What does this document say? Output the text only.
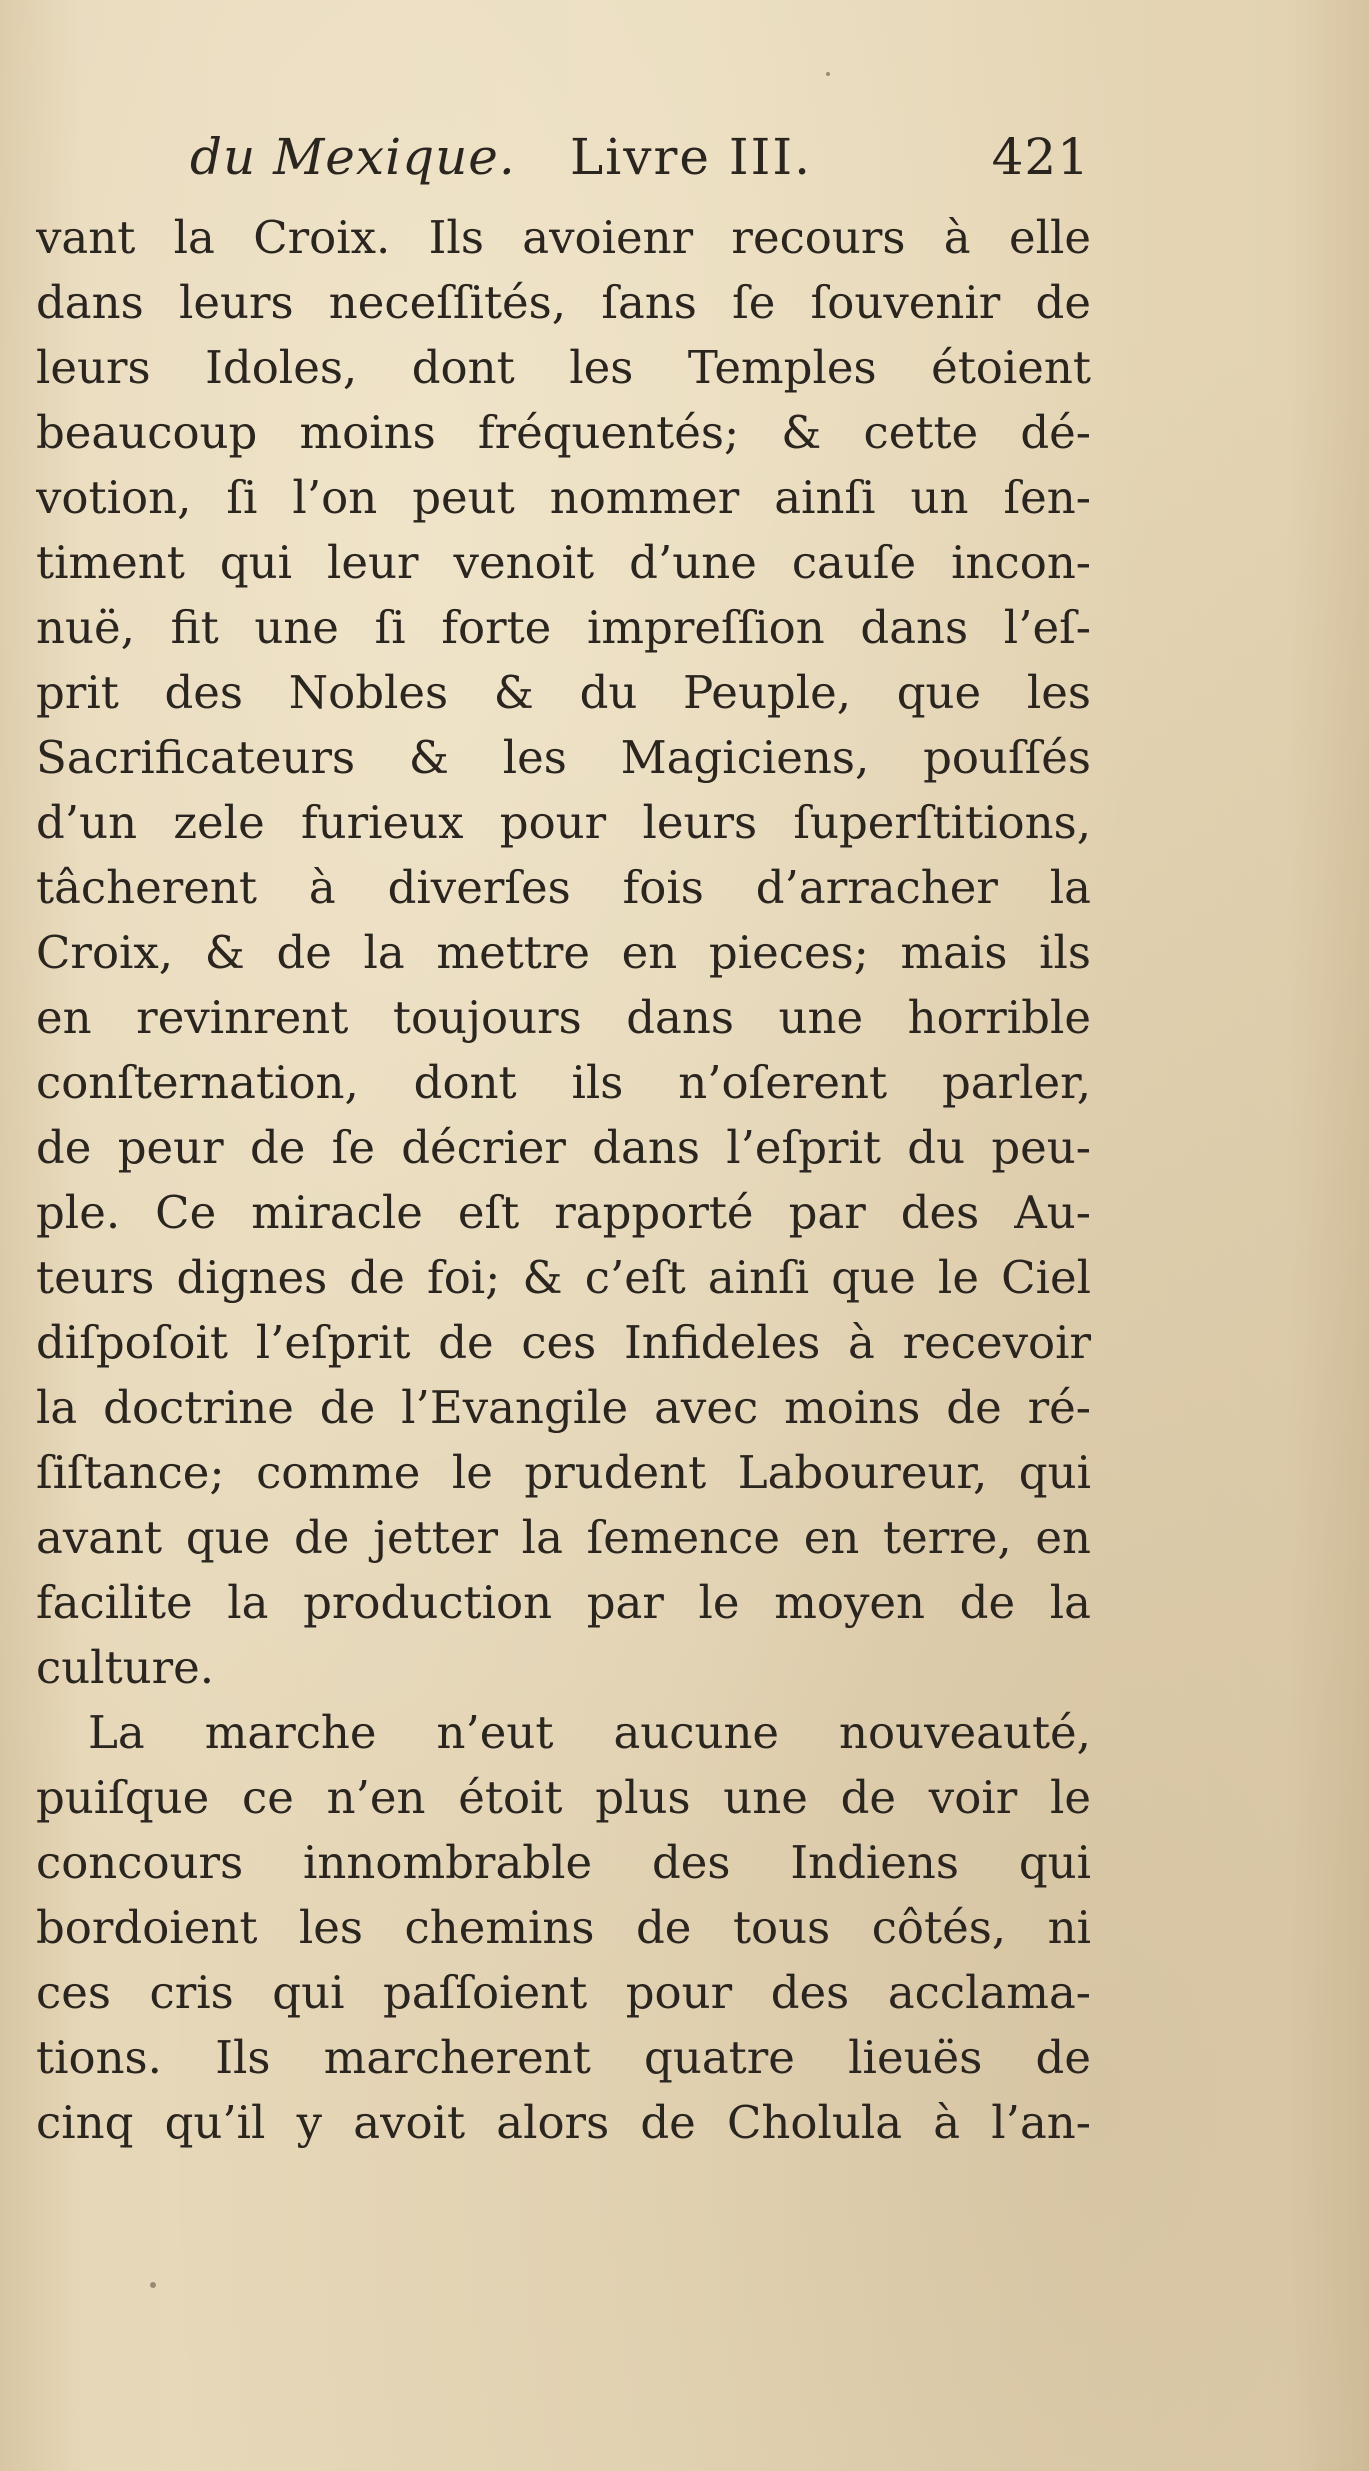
du Mexique. Livre III.	421
vant la Croix. Ils avoienr recours à elle
dans leurs neceſſités, ſans ſe ſouvenir de
leurs Idoles, dont les Temples étoient
beaucoup moins fréquentés; & cette dé-
votion, ſi l’on peut nommer ainſi un ſen-
timent qui leur venoit d’une cauſe incon-
nuë, fit une ſi forte impreſſion dans l’eſ-
prit des Nobles & du Peuple, que les
Sacrificateurs & les Magiciens, pouſſés
d’un zele furieux pour leurs ſuperſtitions,
tâcherent à diverſes fois d’arracher la
Croix, & de la mettre en pieces; mais ils
en revinrent toujours dans une horrible
conſternation, dont ils n’oſerent parler,
de peur de ſe décrier dans l’eſprit du peu-
ple. Ce miracle eſt rapporté par des Au-
teurs dignes de foi; & c’eſt ainſi que le Ciel
diſpoſoit l’eſprit de ces Infideles à recevoir
la doctrine de l’Evangile avec moins de ré-
ſiſtance; comme le prudent Laboureur, qui
avant que de jetter la ſemence en terre, en
facilite la production par le moyen de la
culture.
La marche n’eut aucune nouveauté,
puiſque ce n’en étoit plus une de voir le
concours innombrable des Indiens qui
bordoient les chemins de tous côtés, ni
ces cris qui paſſoient pour des acclama-
tions. Ils marcherent quatre lieuës de
cinq qu’il y avoit alors de Cholula à l’an-
